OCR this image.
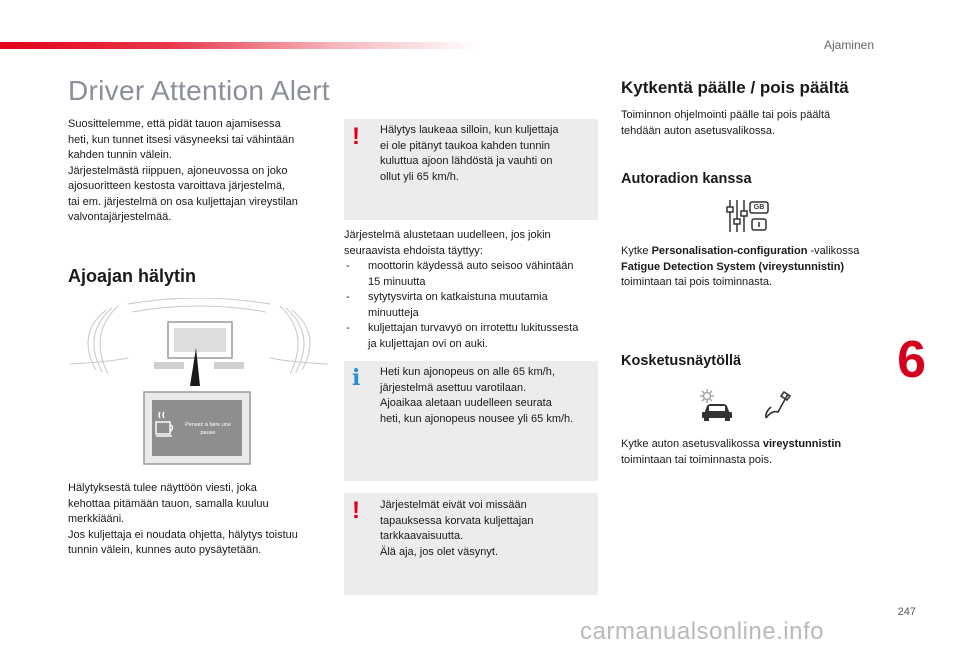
Ajaminen
6
247
Driver Attention Alert

Suosittelemme, että pidät tauon ajamisessa
heti, kun tunnet itsesi väsyneeksi tai vähintään
kahden tunnin välein.
Järjestelmästä riippuen, ajoneuvossa on joko
ajosuoritteen kestosta varoittava järjestelmä,
tai em. järjestelmä on osa kuljettajan vireystilan
valvontajärjestelmää.

Ajoajan hälytin
Pensez à faire une
pause

Hälytyksestä tulee näyttöön viesti, joka
kehottaa pitämään tauon, samalla kuuluu
merkkiääni.
Jos kuljettaja ei noudata ohjetta, hälytys toistuu
tunnin välein, kunnes auto pysäytetään.

! Hälytys laukeaa silloin, kun kuljettaja
ei ole pitänyt taukoa kahden tunnin
kuluttua ajoon lähdöstä ja vauhti on
ollut yli 65 km/h.

Järjestelmä alustetaan uudelleen, jos jokin
seuraavista ehdoista täyttyy:

- moottorin käydessä auto seisoo vähintään
15 minuutta
- sytytysvirta on katkaistuna muutamia
minuutteja
- kuljettajan turvavyö on irrotettu lukitussesta
ja kuljettajan ovi on auki.
i Heti kun ajonopeus on alle 65 km/h,
järjestelmä asettuu varotilaan.
Ajoaikaa aletaan uudelleen seurata
heti, kun ajonopeus nousee yli 65 km/h.

! Järjestelmät eivät voi missään
tapauksessa korvata kuljettajan
tarkkaavaisuutta.
Älä aja, jos olet väsynyt.

Kytkentä päälle / pois päältä

Toiminnon ohjelmointi päälle tai pois päältä
tehdään auton asetusvalikossa.

Autoradion kanssa
GB

Kytke Personalisation-configuration -valikossa
Fatigue Detection System (vireystunnistin)
toimintaan tai pois toiminnasta.

Kosketusnäytöllä

Kytke auton asetusvalikossa vireystunnistin
toimintaan tai toiminnasta pois.

carmanualsonline.info
